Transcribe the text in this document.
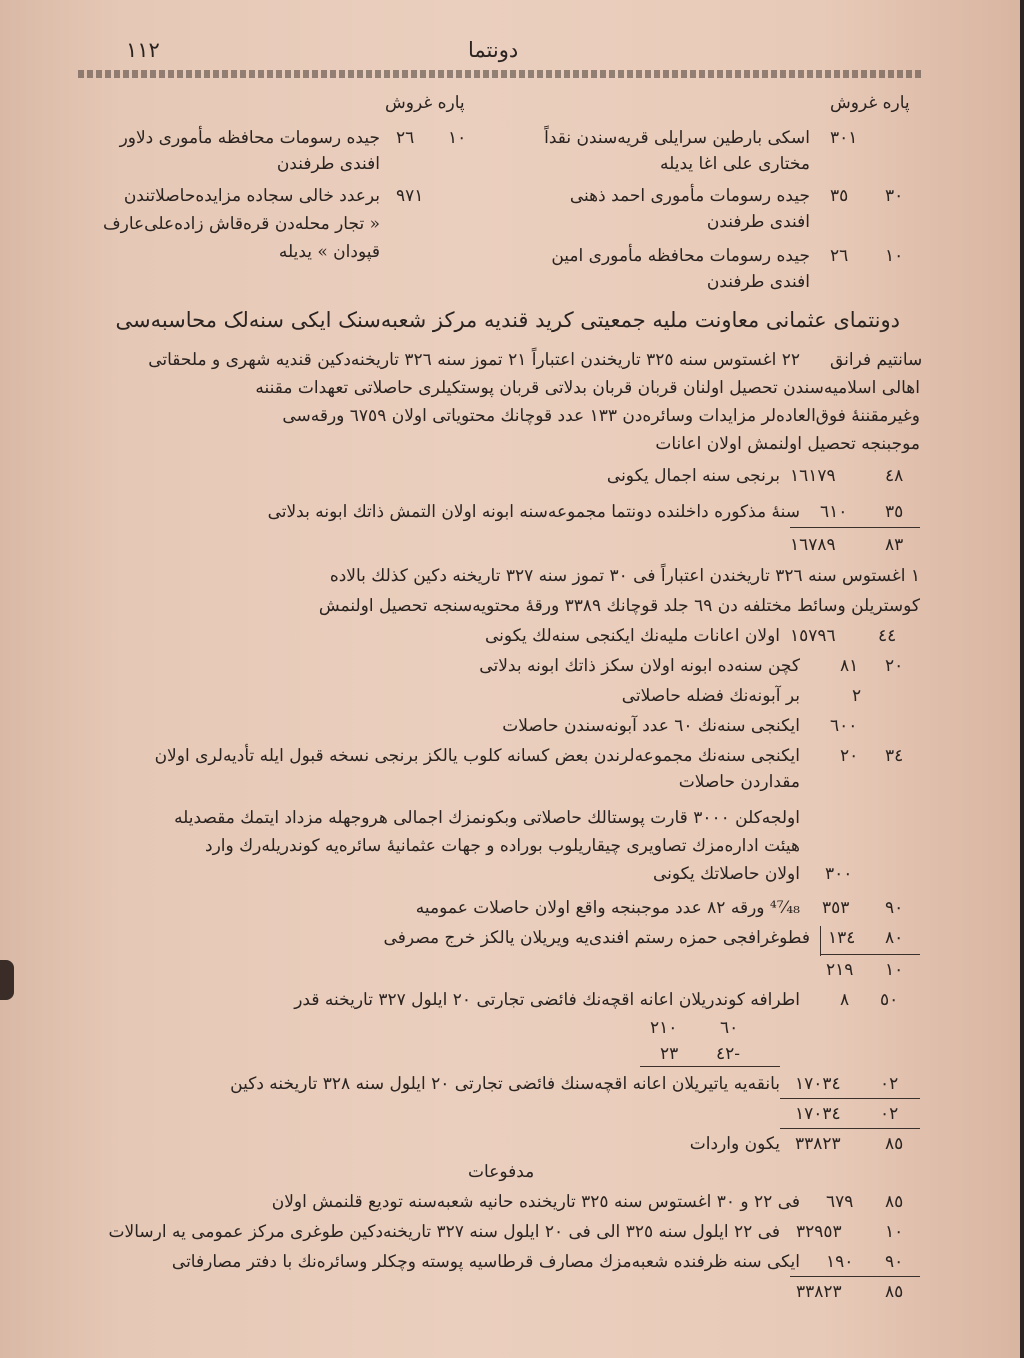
١١٢	دونتما
پاره غروش
پاره غروش
٣٠١
اسکی بارطین سرایلی قریه‌سندن نقداً
مختاری علی اغا یدیله
٣٠
٣٥
جیده رسومات مأموری احمد ذهنی
افندی طرفندن
١٠
٢٦
جیده رسومات محافظه مأموری امین
افندی طرفندن
١٠
٢٦
جیده رسومات محافظه مأموری دلاور
افندی طرفندن
٩٧١
برعدد خالی سجاده مزایده‌حاصلاتندن
« تجار محله‌دن قره‌قاش زاده‌علی‌عارف
قپودان » یدیله
دونتمای عثمانی معاونت ملیه جمعیتی کرید قندیه مرکز شعبه‌سنک ایکی سنه‌لک محاسبه‌سی
سانتیم فرانق
٢٢ اغستوس سنه ٣٢٥ تاریخندن اعتباراً ٢١ تموز سنه ٣٢٦ تاریخنه‌دکین قندیه شهری و ملحقاتی
اهالی اسلامیه‌سندن تحصیل اولنان قربان قربان بدلاتی قربان پوستکیلری حاصلاتی تعهدات مقننه
وغیرمقننهٔ فوق‌العاده‌لر مزایدات وسائره‌دن ١٣٣ عدد قوچانك محتویاتی اولان ٦٧٥٩ ورقه‌سی
موجبنجه تحصیل اولنمش اولان اعانات
٤٨
١٦١٧٩
برنجی سنه اجمال یکونی
٣٥
٦١٠
سنهٔ مذکوره داخلنده دونتما مجموعه‌سنه ابونه اولان التمش ذاتك ابونه بدلاتی
٨٣
١٦٧٨٩
١ اغستوس سنه ٣٢٦ تاریخندن اعتباراً فی ٣٠ تموز سنه ٣٢٧ تاریخنه دکین کذلك بالاده
کوستریلن وسائط مختلفه دن ٦٩ جلد قوچانك ٣٣٨٩ ورقهٔ محتویه‌سنجه تحصیل اولنمش
٤٤
١٥٧٩٦
اولان اعانات ملیه‌نك ایکنجی سنه‌لك یکونی
٢٠
٨١
کچن سنه‌ده ابونه اولان سکز ذاتك ابونه بدلاتی
٢
بر آبونه‌نك فضله حاصلاتی
٦٠٠
ایکنجی سنه‌نك ٦٠ عدد آبونه‌سندن حاصلات
٣٤
٢٠
ایکنجی سنه‌نك مجموعه‌لرندن بعض کسانه کلوب یالکز برنجی نسخه قبول ایله تأدیه‌لری اولان
مقداردن حاصلات
اولجه‌کلن ٣٠٠٠ قارت پوستالك حاصلاتی وبکونمزك اجمالی هروجهله مزداد ایتمك مقصدیله
هیئت اداره‌مزك تصاویری چیقاریلوب بوراده و جهات عثمانیهٔ سائره‌یه کوندریله‌رك وارد
٣٠٠
اولان حاصلاتك یکونی
٩٠
٣٥٣
⁴⁷⁄₄₈ ورقه ٨٢ عدد موجبنجه واقع اولان حاصلات عمومیه
٨٠
١٣٤
فطوغرافجی حمزه رستم افندی‌یه ویریلان یالکز خرج مصرفی
١٠
٢١٩
٥٠
٨
اطرافه کوندریلان اعانه اقچه‌نك فائضی تجارتی ٢٠ ایلول ٣٢٧ تاریخنه قدر
٦٠
٢١٠
-٤٢
٢٣
٠٢
١٧٠٣٤
بانقه‌یه یاتیریلان اعانه اقچه‌سنك فائضی تجارتی ٢٠ ایلول سنه ٣٢٨ تاریخنه دکین
٠٢
١٧٠٣٤
٨٥
٣٣٨٢٣
یکون واردات
مدفوعات
٨٥
٦٧٩
فی ٢٢ و ٣٠ اغستوس سنه ٣٢٥ تاریخنده حانیه شعبه‌سنه تودیع قلنمش اولان
١٠
٣٢٩٥٣
فی ٢٢ ایلول سنه ٣٢٥ الی فی ٢٠ ایلول سنه ٣٢٧ تاریخنه‌دکین طوغری مرکز عمومی یه ارسالات
٩٠
١٩٠
ایکی سنه ظرفنده شعبه‌مزك مصارف قرطاسیه پوسته وچکلر وسائره‌نك با دفتر مصارفاتی
٨٥
٣٣٨٢٣
